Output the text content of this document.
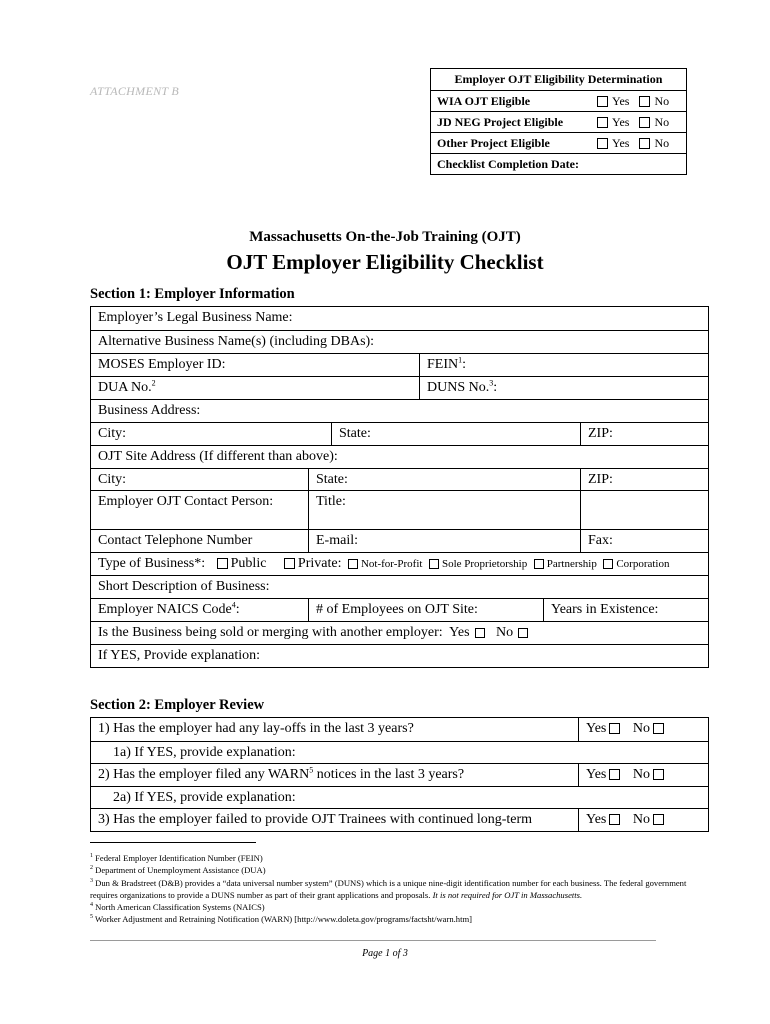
ATTACHMENT B
Employer OJT Eligibility Determination
WIA OJT Eligible	Yes No
JD NEG Project Eligible	Yes No
Other Project Eligible	Yes No
Checklist Completion Date:
Massachusetts On-the-Job Training (OJT)
OJT Employer Eligibility Checklist
Section 1: Employer Information
Employer’s Legal Business Name:
Alternative Business Name(s) (including DBAs):
MOSES Employer ID:	FEIN$^1$:
DUA No.$^2$	DUNS No.$^3$:
Business Address:
City:	State:	ZIP:
OJT Site Address (If different than above):
City:	State:	ZIP:
Employer OJT Contact Person:	Title:
Contact Telephone Number	E-mail:	Fax:
Type of Business*: Public Private: Not-for-Profit Sole Proprietorship Partnership Corporation
Short Description of Business:
Employer NAICS Code$^4$:	# of Employees on OJT Site:	Years in Existence:
Is the Business being sold or merging with another employer: Yes No
If YES, Provide explanation:
Section 2: Employer Review
1) Has the employer had any lay-offs in the last 3 years?	Yes No
1a) If YES, provide explanation:
2) Has the employer filed any WARN$^5$ notices in the last 3 years?	Yes No
2a) If YES, provide explanation:
3) Has the employer failed to provide OJT Trainees with continued long-term	Yes No
$^1$ Federal Employer Identification Number (FEIN)
$^2$ Department of Unemployment Assistance (DUA)
$^3$ Dun & Bradstreet (D&B) provides a “data universal number system” (DUNS) which is a unique nine-digit identification number for each business. The federal government requires organizations to provide a DUNS number as part of their grant applications and proposals. It is not required for OJT in Massachusetts.
$^4$ North American Classification Systems (NAICS)
$^5$ Worker Adjustment and Retraining Notification (WARN) [http://www.doleta.gov/programs/factsht/warn.htm]
Page 1 of 3
